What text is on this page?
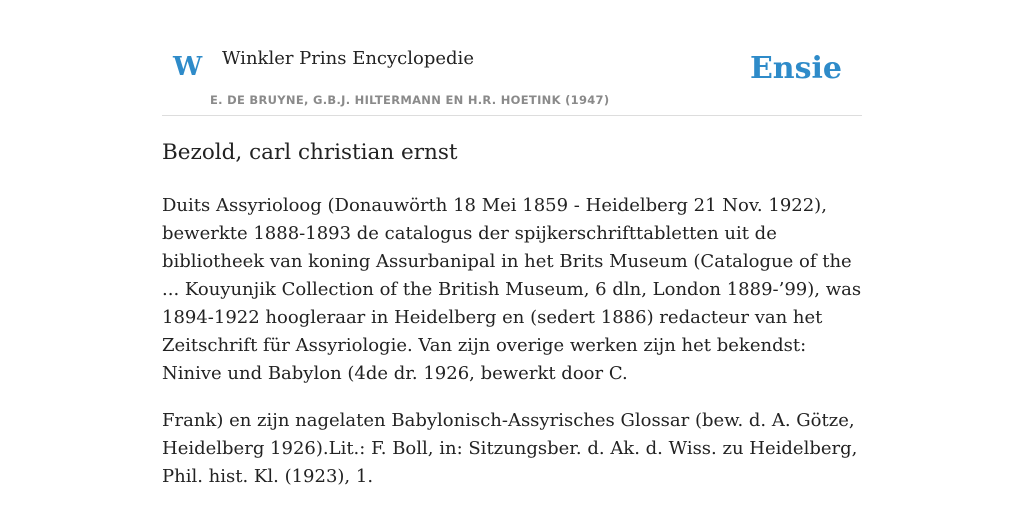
W Winkler Prins Encyclopedie	Ensie
E. DE BRUYNE, G.B.J. HILTERMANN EN H.R. HOETINK (1947)
Bezold, carl christian ernst

Duits Assyrioloog (Donauwörth 18 Mei 1859 - Heidelberg 21 Nov. 1922), bewerkte 1888-1893 de catalogus der spijkerschrifttabletten uit de bibliotheek van koning Assurbanipal in het Brits Museum (Catalogue of the ... Kouyunjik Collection of the British Museum, 6 dln, London 1889-’99), was 1894-1922 hoogleraar in Heidelberg en (sedert 1886) redacteur van het Zeitschrift für Assyriologie. Van zijn overige werken zijn het bekendst: Ninive und Babylon (4de dr. 1926, bewerkt door C.

Frank) en zijn nagelaten Babylonisch-Assyrisches Glossar (bew. d. A. Götze, Heidelberg 1926).Lit.: F. Boll, in: Sitzungsber. d. Ak. d. Wiss. zu Heidelberg, Phil. hist. Kl. (1923), 1.
